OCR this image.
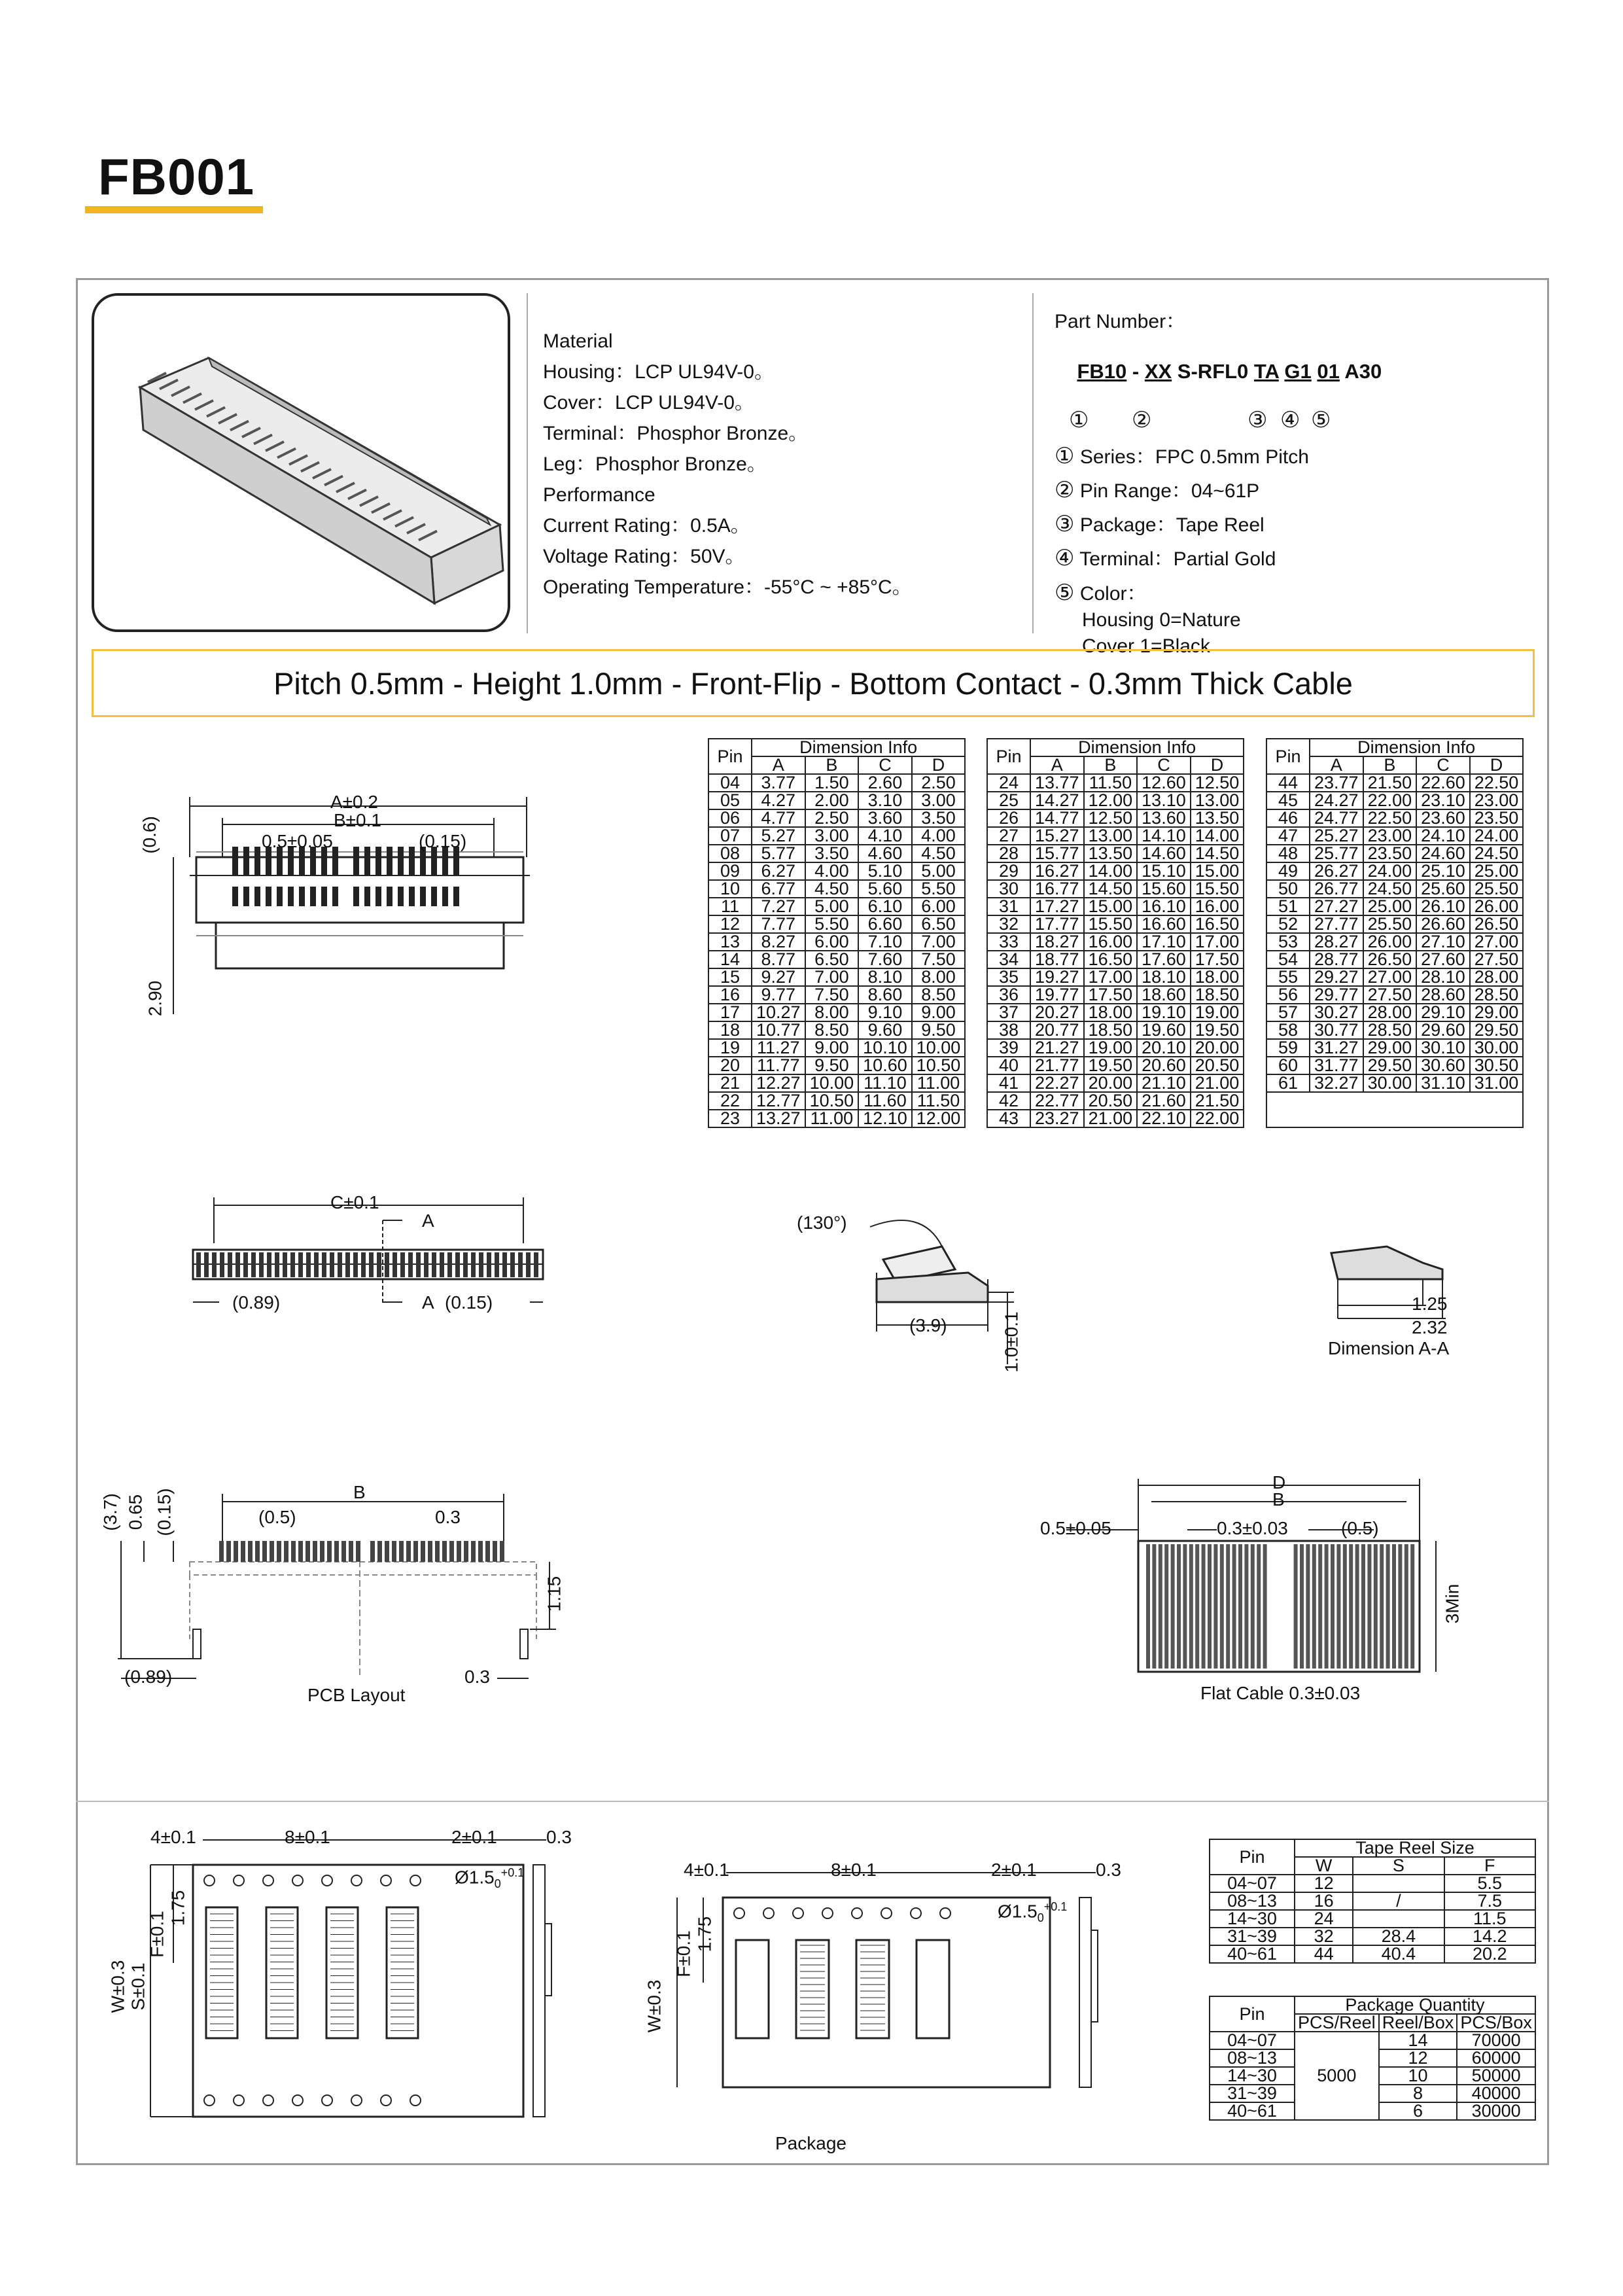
FB001
Material
Housing：LCP UL94V-0。
Cover：LCP UL94V-0。
Terminal：Phosphor Bronze。
Leg：Phosphor Bronze。
Performance
Current Rating：0.5A。
Voltage Rating：50V。
Operating Temperature：-55°C ~ +85°C。
Part Number：

FB10 - XX S-RFL0 TA G1 01 A30

① ②	③ ④ ⑤
① Series：FPC 0.5mm Pitch
② Pin Range：04~61P
③ Package：Tape Reel
④ Terminal：Partial Gold
⑤ Color：
Housing 0=Nature
Cover 1=Black
Pitch 0.5mm - Height 1.0mm - Front-Flip - Bottom Contact - 0.3mm Thick Cable
Pin	Dimension Info			
	A	B	C	D
04	3.77	1.50	2.60	2.50
05	4.27	2.00	3.10	3.00
06	4.77	2.50	3.60	3.50
07	5.27	3.00	4.10	4.00
08	5.77	3.50	4.60	4.50
09	6.27	4.00	5.10	5.00
10	6.77	4.50	5.60	5.50
11	7.27	5.00	6.10	6.00
12	7.77	5.50	6.60	6.50
13	8.27	6.00	7.10	7.00
14	8.77	6.50	7.60	7.50
15	9.27	7.00	8.10	8.00
16	9.77	7.50	8.60	8.50
17	10.27	8.00	9.10	9.00
18	10.77	8.50	9.60	9.50
19	11.27	9.00	10.10	10.00
20	11.77	9.50	10.60	10.50
21	12.27	10.00	11.10	11.00
22	12.77	10.50	11.60	11.50
23	13.27	11.00	12.10	12.00
Pin	Dimension Info			
	A	B	C	D
24	13.77	11.50	12.60	12.50
25	14.27	12.00	13.10	13.00
26	14.77	12.50	13.60	13.50
27	15.27	13.00	14.10	14.00
28	15.77	13.50	14.60	14.50
29	16.27	14.00	15.10	15.00
30	16.77	14.50	15.60	15.50
31	17.27	15.00	16.10	16.00
32	17.77	15.50	16.60	16.50
33	18.27	16.00	17.10	17.00
34	18.77	16.50	17.60	17.50
35	19.27	17.00	18.10	18.00
36	19.77	17.50	18.60	18.50
37	20.27	18.00	19.10	19.00
38	20.77	18.50	19.60	19.50
39	21.27	19.00	20.10	20.00
40	21.77	19.50	20.60	20.50
41	22.27	20.00	21.10	21.00
42	22.77	20.50	21.60	21.50
43	23.27	21.00	22.10	22.00
Pin	Dimension Info			
	A	B	C	D
44	23.77	21.50	22.60	22.50
45	24.27	22.00	23.10	23.00
46	24.77	22.50	23.60	23.50
47	25.27	23.00	24.10	24.00
48	25.77	23.50	24.60	24.50
49	26.27	24.00	25.10	25.00
50	26.77	24.50	25.60	25.50
51	27.27	25.00	26.10	26.00
52	27.77	25.50	26.60	26.50
53	28.27	26.00	27.10	27.00
54	28.77	26.50	27.60	27.50
55	29.27	27.00	28.10	28.00
56	29.77	27.50	28.60	28.50
57	30.27	28.00	29.10	29.00
58	30.77	28.50	29.60	29.50
59	31.27	29.00	30.10	30.00
60	31.77	29.50	30.60	30.50
61	32.27	30.00	31.10	31.00

A±0.2
B±0.1
0.5±0.05	(0.15)
(0.6)
2.90
C±0.1
A
A
(0.89)	(0.15)
(130°)
(3.9)	1.0±0.1
1.25
2.32
Dimension A-A
B
(0.5)	0.3
(3.7) 0.65 (0.15)
1.15
(0.89)	0.3
PCB Layout
D
B
0.5±0.05	0.3±0.03	(0.5)
3Min
Flat Cable 0.3±0.03
4±0.1	8±0.1	2±0.1	0.3
$Ø1.5_0^{+0.1}$
W±0.3 S±0.1
F±0.1
1.75
4±0.1	8±0.1	2±0.1	0.3
$Ø1.5_0^{+0.1}$
W±0.3
F±0.1 1.75
Package
Pin	Tape Reel Size		
	W	S	F
04~07	12		5.5
08~13	16	/	7.5
14~30	24		11.5
31~39	32	28.4	14.2
40~61	44	40.4	20.2
Pin	Package Quantity		
	PCS/Reel	Reel/Box	PCS/Box
04~07	5000	14	70000
08~13		12	60000
14~30		10	50000
31~39		8	40000
40~61		6	30000
